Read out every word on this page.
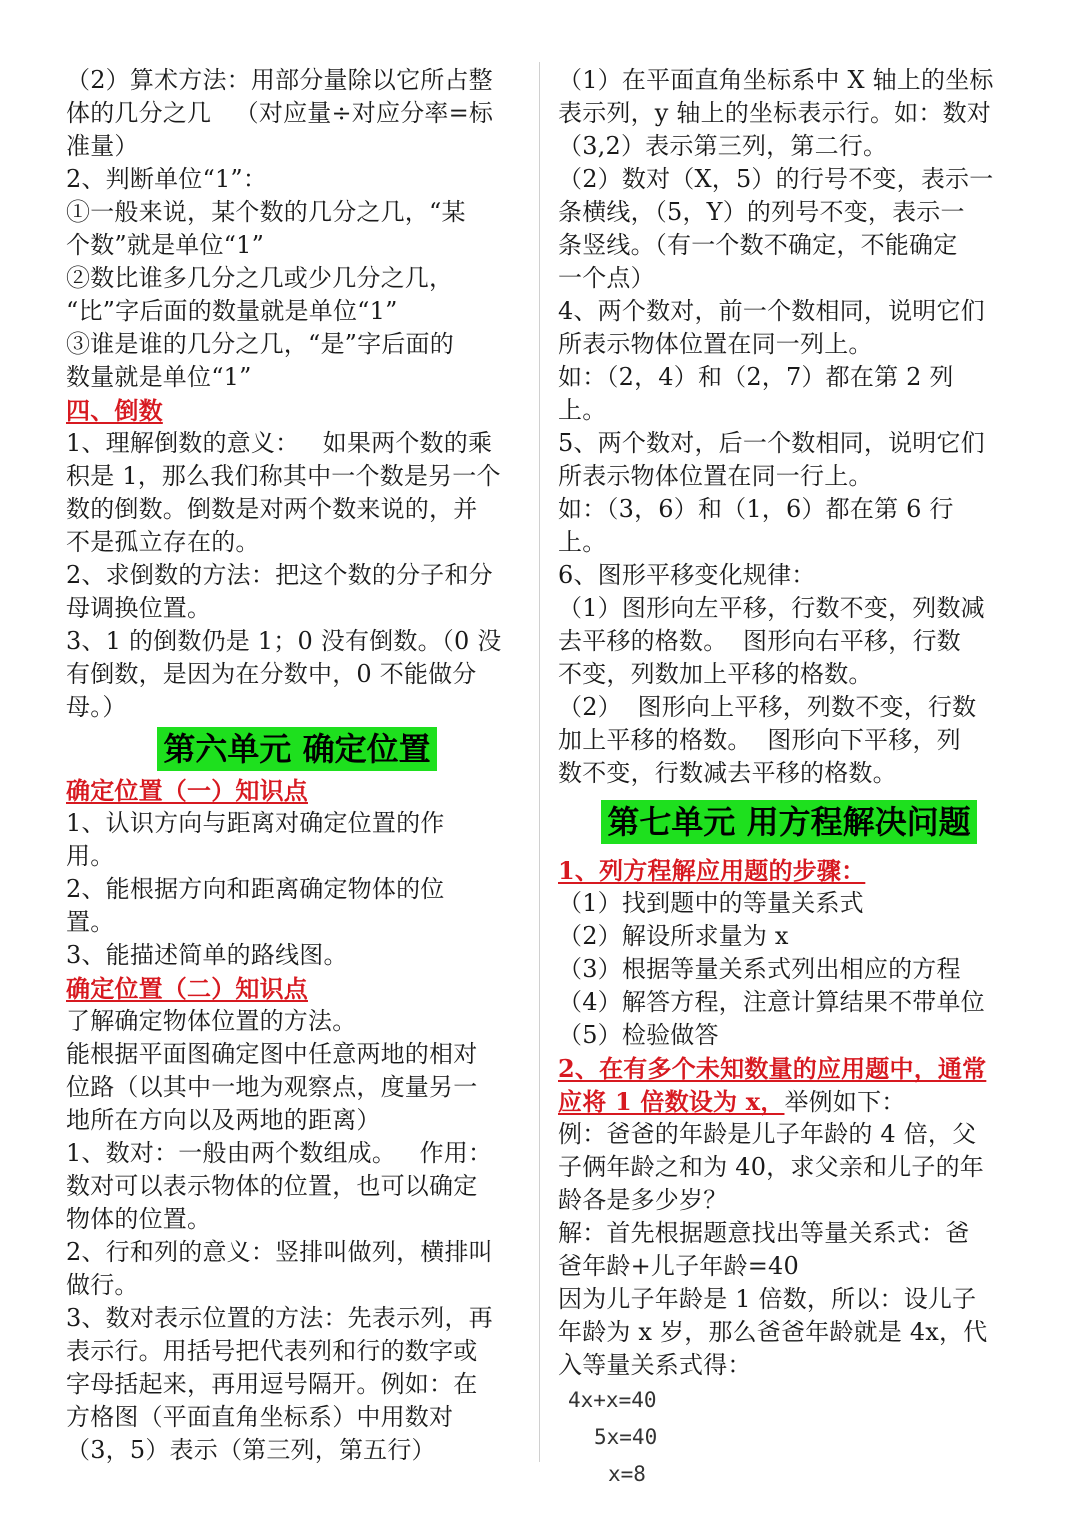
（2）算术方法：用部分量除以它所占整
体的几分之几   （对应量÷对应分率=标
准量）
2、判断单位“1”：
①一般来说，某个数的几分之几，“某
个数”就是单位“1”
②数比谁多几分之几或少几分之几，
“比”字后面的数量就是单位“1”
③谁是谁的几分之几，“是”字后面的
数量就是单位“1”
四、倒数
1、理解倒数的意义：   如果两个数的乘
积是 1，那么我们称其中一个数是另一个
数的倒数。倒数是对两个数来说的，并
不是孤立存在的。
2、求倒数的方法：把这个数的分子和分
母调换位置。
3、1 的倒数仍是 1；0 没有倒数。（0 没
有倒数，是因为在分数中，0 不能做分
母。）
第六单元 确定位置
确定位置（一）知识点
1、认识方向与距离对确定位置的作
用。
2、能根据方向和距离确定物体的位
置。
3、能描述简单的路线图。
确定位置（二）知识点
了解确定物体位置的方法。
能根据平面图确定图中任意两地的相对
位路（以其中一地为观察点，度量另一
地所在方向以及两地的距离）
1、数对：一般由两个数组成。   作用：
数对可以表示物体的位置，也可以确定
物体的位置。
2、行和列的意义：竖排叫做列，横排叫
做行。
3、数对表示位置的方法：先表示列，再
表示行。用括号把代表列和行的数字或
字母括起来，再用逗号隔开。例如：在
方格图（平面直角坐标系）中用数对
（3，5）表示（第三列，第五行）
（1）在平面直角坐标系中 X 轴上的坐标
表示列，y 轴上的坐标表示行。如：数对
（3,2）表示第三列，第二行。
（2）数对（X，5）的行号不变，表示一
条横线，（5，Y）的列号不变，表示一
条竖线。（有一个数不确定，不能确定
一个点）
4、两个数对，前一个数相同，说明它们
所表示物体位置在同一列上。
如：（2，4）和（2，7）都在第 2 列
上。
5、两个数对，后一个数相同，说明它们
所表示物体位置在同一行上。
如：（3，6）和（1，6）都在第 6 行
上。
6、图形平移变化规律：
（1）图形向左平移，行数不变，列数减
去平移的格数。  图形向右平移，行数
不变，列数加上平移的格数。
（2）  图形向上平移，列数不变，行数
加上平移的格数。  图形向下平移，列
数不变，行数减去平移的格数。
第七单元 用方程解决问题
1、列方程解应用题的步骤：
（1）找到题中的等量关系式
（2）解设所求量为 x
（3）根据等量关系式列出相应的方程
（4）解答方程，注意计算结果不带单位
（5）检验做答
2、在有多个未知数量的应用题中，通常
应将 1 倍数设为 x，举例如下：
例：爸爸的年龄是儿子年龄的 4 倍，父
子俩年龄之和为 40，求父亲和儿子的年
龄各是多少岁？
解：首先根据题意找出等量关系式：爸
爸年龄+儿子年龄=40
因为儿子年龄是 1 倍数，所以：设儿子
年龄为 x 岁，那么爸爸年龄就是 4x，代
入等量关系式得：
4x+x=40
5x=40
x=8
